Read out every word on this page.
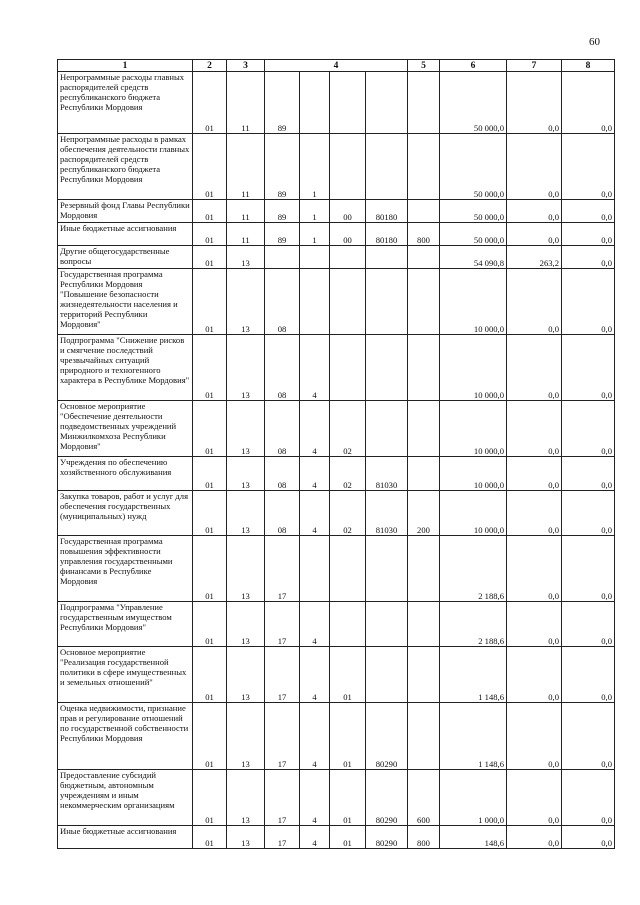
60
1	2	3	4				5	6	7	8
Непрограммные расходы главных распорядителей средств республиканского бюджета Республики Мордовия	01	11	89					50 000,0	0,0	0,0
Непрограммные расходы в рамках обеспечения деятельности главных распорядителей средств республиканского бюджета Республики Мордовия	01	11	89	1				50 000,0	0,0	0,0
Резервный фонд Главы Республики Мордовия	01	11	89	1	00	80180		50 000,0	0,0	0,0
Иные бюджетные ассигнования	01	11	89	1	00	80180	800	50 000,0	0,0	0,0
Другие общегосударственные вопросы	01	13						54 090,8	263,2	0,0
Государственная программа Республики Мордовия "Повышение безопасности жизнедеятельности населения и территорий Республики Мордовия"	01	13	08					10 000,0	0,0	0,0
Подпрограмма "Снижение рисков и смягчение последствий чрезвычайных ситуаций природного и техногенного характера в Республике Мордовия"	01	13	08	4				10 000,0	0,0	0,0
Основное мероприятие "Обеспечение деятельности подведомственных учреждений Минжилкомхоза Республики Мордовия"	01	13	08	4	02			10 000,0	0,0	0,0
Учреждения по обеспечению хозяйственного обслуживания	01	13	08	4	02	81030		10 000,0	0,0	0,0
Закупка товаров, работ и услуг для обеспечения государственных (муниципальных) нужд	01	13	08	4	02	81030	200	10 000,0	0,0	0,0
Государственная программа повышения эффективности управления государственными финансами в Республике Мордовия	01	13	17					2 188,6	0,0	0,0
Подпрограмма "Управление государственным имуществом Республики Мордовия"	01	13	17	4				2 188,6	0,0	0,0
Основное мероприятие "Реализация государственной политики в сфере имущественных и земельных отношений"	01	13	17	4	01			1 148,6	0,0	0,0
Оценка недвижимости, признание прав и регулирование отношений по государственной собственности Республики Мордовия	01	13	17	4	01	80290		1 148,6	0,0	0,0
Предоставление субсидий бюджетным, автономным учреждениям и иным некоммерческим организациям	01	13	17	4	01	80290	600	1 000,0	0,0	0,0
Иные бюджетные ассигнования	01	13	17	4	01	80290	800	148,6	0,0	0,0
